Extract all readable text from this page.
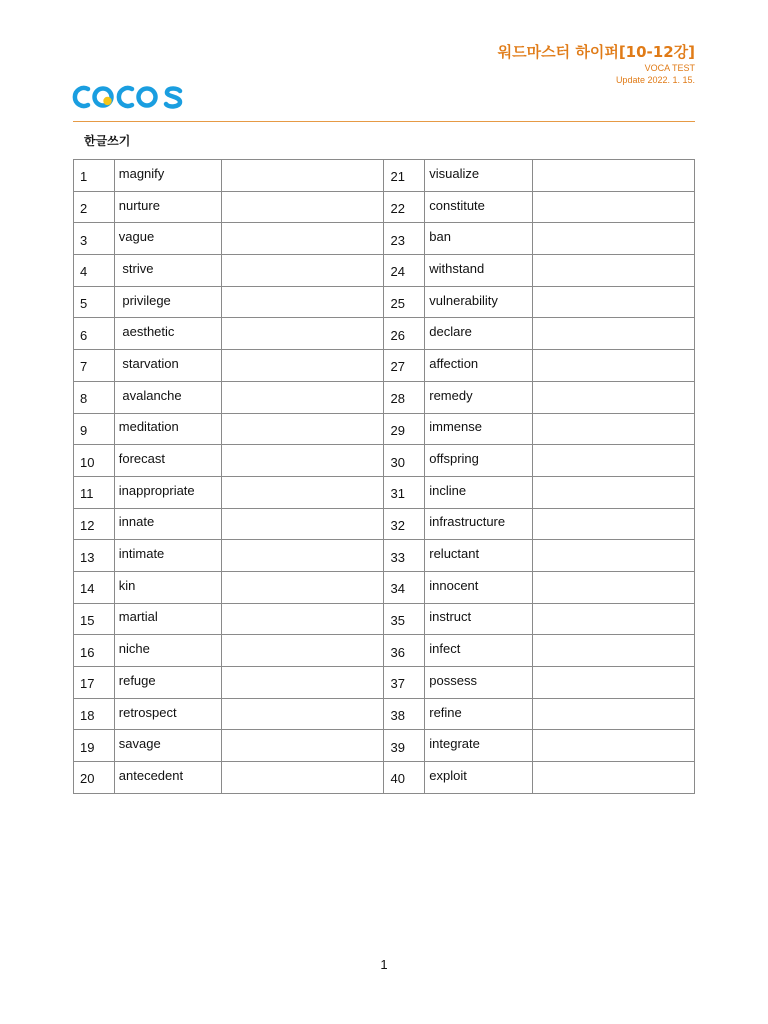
워드마스터 하이퍼[10-12강]
VOCA TEST
Update 2022. 1. 15.
한글쓰기
1	magnify		21	visualize	
2	nurture		22	constitute	
3	vague		23	ban	
4	strive		24	withstand	
5	privilege		25	vulnerability	
6	aesthetic		26	declare	
7	starvation		27	affection	
8	avalanche		28	remedy	
9	meditation		29	immense	
10	forecast		30	offspring	
11	inappropriate		31	incline	
12	innate		32	infrastructure	
13	intimate		33	reluctant	
14	kin		34	innocent	
15	martial		35	instruct	
16	niche		36	infect	
17	refuge		37	possess	
18	retrospect		38	refine	
19	savage		39	integrate	
20	antecedent		40	exploit	
1
